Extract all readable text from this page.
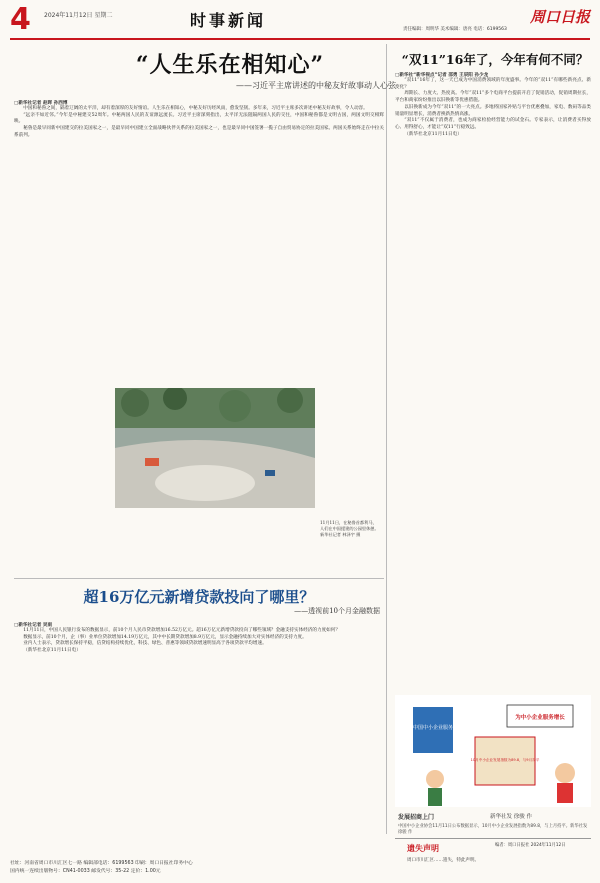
4 2024年11月12日 星期二	时事新闻	周口日报
责任编辑：周明华 美术编辑：唐亮 电话：6199563
“人生乐在相知心”
——习近平主席讲述的中秘友好故事动人心弦
□新华社记者 赵晖 孙西博

中国和秘鲁之间，隔着辽阔的太平洋，却有着深厚的友好情谊。人生乐在相知心，中秘友好历经风雨，愈发坚韧。多年来，习近平主席多次讲述中秘友好故事，令人动容。

“远亲不如近邻。”今年是中秘建交52周年。中秘两国人民的友谊源远流长。习近平主席深刻指出，太平洋无法阻隔两国人民的交往，中国和秘鲁都是文明古国，两国文明交相辉映。

秘鲁是最早同新中国建交的拉美国家之一，是最早同中国建立全面战略伙伴关系的拉美国家之一，也是最早同中国签署一揽子自由贸易协定的拉美国家。两国关系始终走在中拉关系前列。

11月11日，在秘鲁首都利马，人们在中国援建的公园里休憩。新华社记者 林泽宇 摄
超16万亿元新增贷款投向了哪里？
——透视前10个月金融数据
□新华社记者 吴雨

11月11日，中国人民银行发布的数据显示，前10个月人民币贷款增加16.52万亿元。超16万亿元新增贷款投向了哪些领域？金融支持实体经济的力度如何？

数据显示，前10个月，企（事）业单位贷款增加14.19万亿元，其中中长期贷款增加8.9万亿元，显示金融持续加大对实体经济的支持力度。

业内人士表示，贷款增长保持平稳，信贷结构持续优化，科技、绿色、普惠等领域贷款增速明显高于各项贷款平均增速。

（新华社北京11月11日电）

“双11”16年了，今年有何不同？
□新华社“新华视点”记者 邵勇 王辰阳 孙少龙

“双11”16年了，这一天已成为中国消费领域的年度盛事。今年的“双11”有哪些新亮点、新变化？

周期长、力度大、热度高。今年“双11”多个电商平台提前开启了促销活动，促销周期拉长，平台和商家纷纷推出以旧换新等优惠措施。

以旧换新成为今年“双11”的一大亮点。多地将国家补贴与平台优惠叠加，家电、数码等品类销量明显增长，消费者换新热情高涨。

“双11”不仅属于消费者，也成为商家检验经营能力的试金石。专家表示，让消费者买得放心、用得舒心，才能让“双11”行稳致远。

（新华社北京11月11日电）

中国中小企业服务
为中小企业服务增长
10月中小企业发展指数为89.8，与9月持平
发展招商上门	新华社发 徐骏 作
中国中小企业协会11月11日公布数据显示，10月中小企业发展指数为89.8，与上月持平。新华社发 徐骏 作
遗失声明
周口市川汇区……遗失，特此声明。
编者：周口日报社 2024年11月12日
社址：河南省周口市川汇区七一路 编辑部电话：6199563 印刷：周口日报社印务中心
国内统一连续出版物号：CN41-0033 邮发代号：35-22 定价：1.00元
